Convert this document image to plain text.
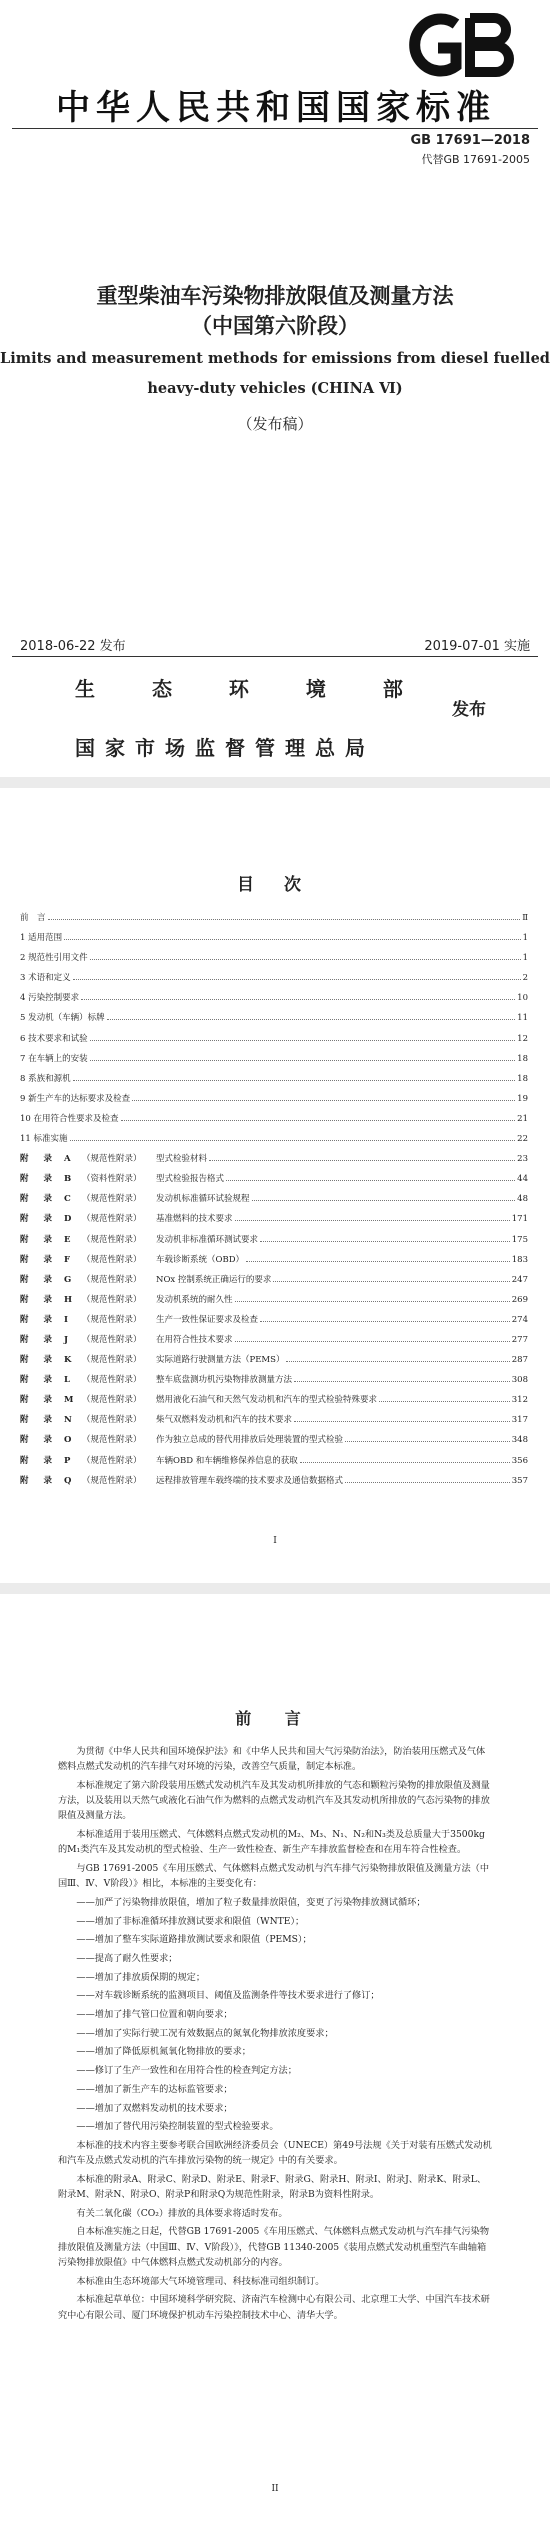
中华人民共和国国家标准
GB 17691—2018
代替GB 17691-2005
重型柴油车污染物排放限值及测量方法
（中国第六阶段）
Limits and measurement methods for emissions from diesel fuelled
heavy-duty vehicles (CHINA Ⅵ)
（发布稿）
2018-06-22 发布	2019-07-01 实施
生 态 环 境 部
发布
国家市场监督管理总局
目 次
前　言	Ⅱ
1 适用范围	1
2 规范性引用文件	1
3 术语和定义	2
4 污染控制要求	10
5 发动机（车辆）标牌	11
6 技术要求和试验	12
7 在车辆上的安装	18
8 系族和源机	18
9 新生产车的达标要求及检查	19
10 在用符合性要求及检查	21
11 标准实施	22
附 录 A （规范性附录） 型式检验材料	23
附 录 B （资料性附录） 型式检验报告格式	44
附 录 C （规范性附录） 发动机标准循环试验规程	48
附 录 D （规范性附录） 基准燃料的技术要求	171
附 录 E （规范性附录） 发动机非标准循环测试要求	175
附 录 F （规范性附录） 车载诊断系统（OBD）	183
附 录 G （规范性附录） NOx 控制系统正确运行的要求	247
附 录 H （规范性附录） 发动机系统的耐久性	269
附 录 I （规范性附录） 生产一致性保证要求及检查	274
附 录 J （规范性附录） 在用符合性技术要求	277
附 录 K （规范性附录） 实际道路行驶测量方法（PEMS）	287
附 录 L （规范性附录） 整车底盘测功机污染物排放测量方法	308
附 录 M （规范性附录） 燃用液化石油气和天然气发动机和汽车的型式检验特殊要求	312
附 录 N （规范性附录） 柴气双燃料发动机和汽车的技术要求	317
附 录 O （规范性附录） 作为独立总成的替代用排放后处理装置的型式检验	348
附 录 P （规范性附录） 车辆OBD 和车辆维修保养信息的获取	356
附 录 Q （规范性附录） 远程排放管理车载终端的技术要求及通信数据格式	357
I
前 言

为贯彻《中华人民共和国环境保护法》和《中华人民共和国大气污染防治法》，防治装用压燃式及气体燃料点燃式发动机的汽车排气对环境的污染，改善空气质量，制定本标准。

本标准规定了第六阶段装用压燃式发动机汽车及其发动机所排放的气态和颗粒污染物的排放限值及测量方法，以及装用以天然气或液化石油气作为燃料的点燃式发动机汽车及其发动机所排放的气态污染物的排放限值及测量方法。

本标准适用于装用压燃式、气体燃料点燃式发动机的M₂、M₃、N₁、N₂和N₃类及总质量大于3500kg的M₁类汽车及其发动机的型式检验、生产一致性检查、新生产车排放监督检查和在用车符合性检查。

与GB 17691-2005《车用压燃式、气体燃料点燃式发动机与汽车排气污染物排放限值及测量方法（中国Ⅲ、Ⅳ、Ⅴ阶段）》相比，本标准的主要变化有：

——加严了污染物排放限值，增加了粒子数量排放限值，变更了污染物排放测试循环；

——增加了非标准循环排放测试要求和限值（WNTE）；

——增加了整车实际道路排放测试要求和限值（PEMS）；

——提高了耐久性要求；

——增加了排放质保期的规定；

——对车载诊断系统的监测项目、阈值及监测条件等技术要求进行了修订；

——增加了排气管口位置和朝向要求；

——增加了实际行驶工况有效数据点的氮氧化物排放浓度要求；

——增加了降低原机氮氧化物排放的要求；

——修订了生产一致性和在用符合性的检查判定方法；

——增加了新生产车的达标监管要求；

——增加了双燃料发动机的技术要求；

——增加了替代用污染控制装置的型式检验要求。

本标准的技术内容主要参考联合国欧洲经济委员会（UNECE）第49号法规《关于对装有压燃式发动机和汽车及点燃式发动机的汽车排放污染物的统一规定》中的有关要求。

本标准的附录A、附录C、附录D、附录E、附录F、附录G、附录H、附录I、附录J、附录K、附录L、附录M、附录N、附录O、附录P和附录Q为规范性附录，附录B为资料性附录。

有关二氧化碳（CO₂）排放的具体要求将适时发布。

自本标准实施之日起，代替GB 17691-2005《车用压燃式、气体燃料点燃式发动机与汽车排气污染物排放限值及测量方法（中国Ⅲ、Ⅳ、Ⅴ阶段）》，代替GB 11340-2005《装用点燃式发动机重型汽车曲轴箱污染物排放限值》中气体燃料点燃式发动机部分的内容。

本标准由生态环境部大气环境管理司、科技标准司组织制订。

本标准起草单位：中国环境科学研究院、济南汽车检测中心有限公司、北京理工大学、中国汽车技术研究中心有限公司、厦门环境保护机动车污染控制技术中心、清华大学。

II
